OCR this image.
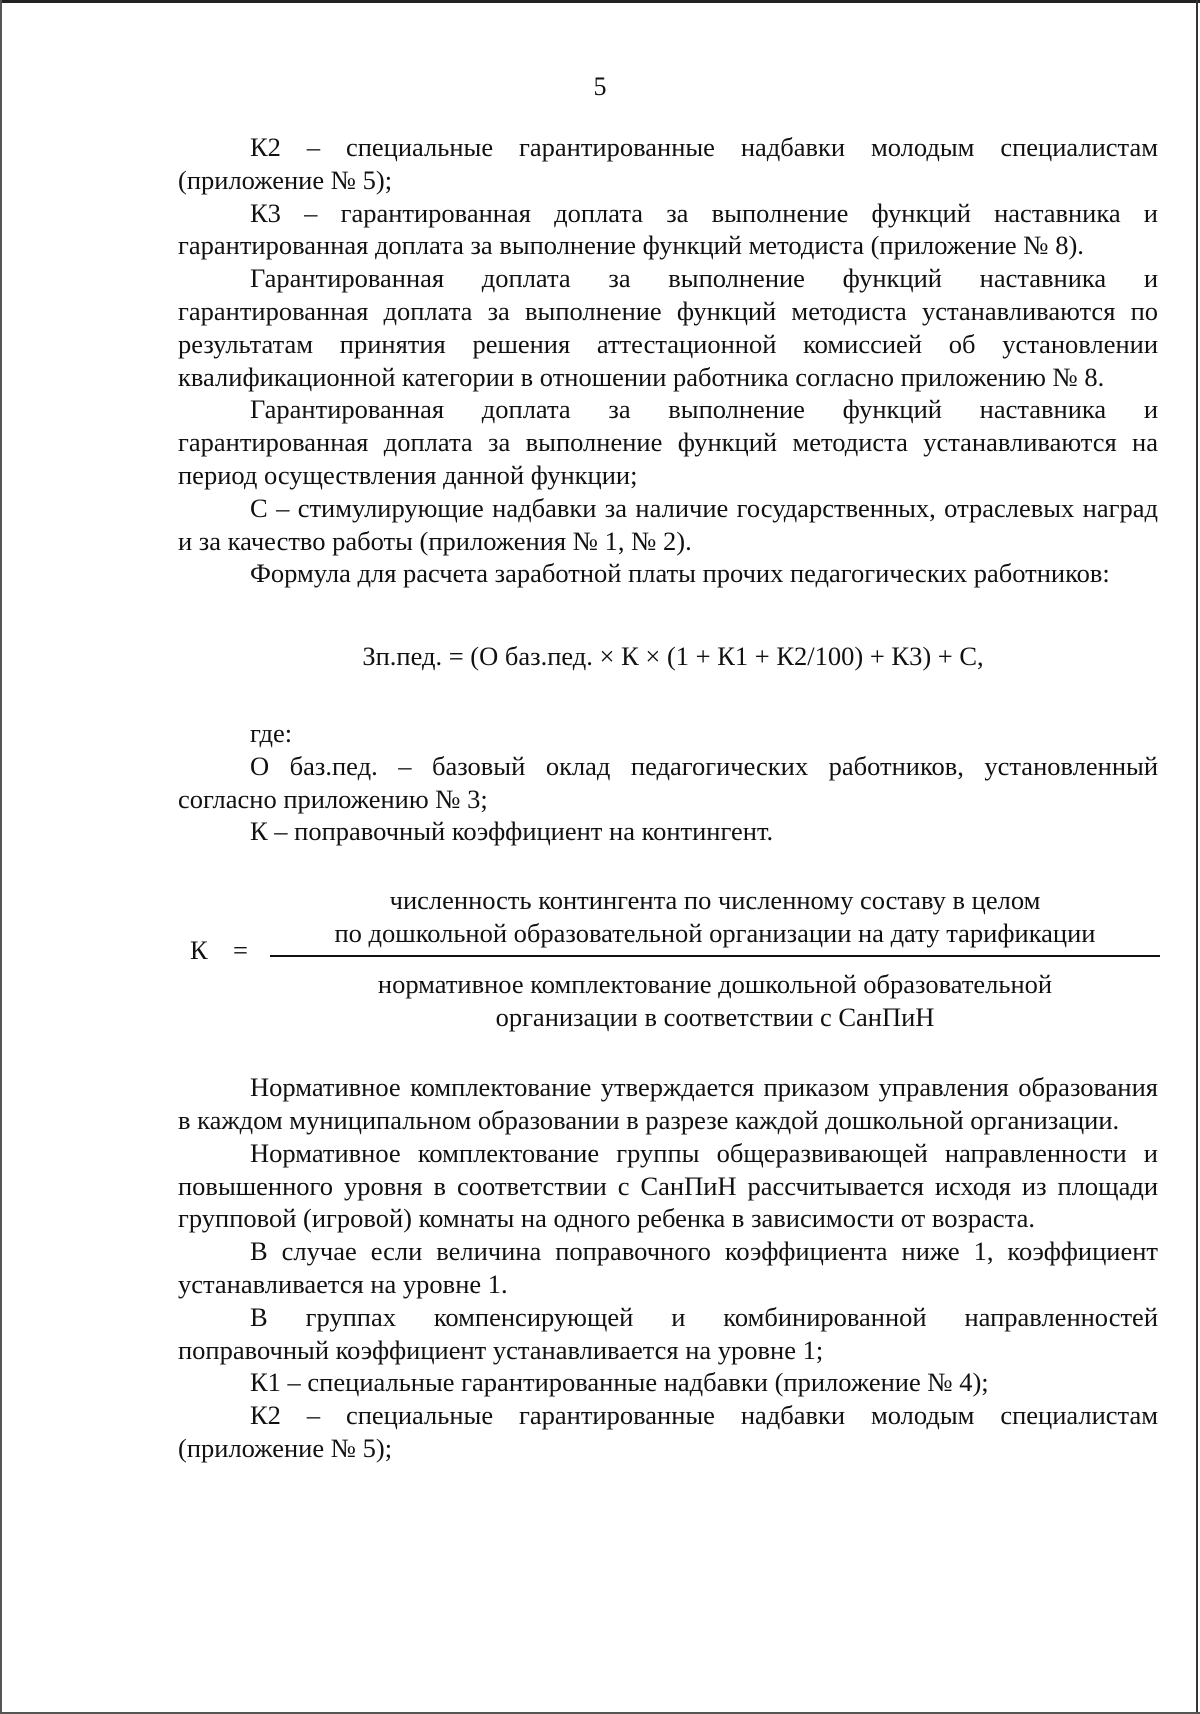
5

К2 – специальные гарантированные надбавки молодым специалистам (приложение № 5);

К3 – гарантированная доплата за выполнение функций наставника и гарантированная доплата за выполнение функций методиста (приложение № 8).

Гарантированная доплата за выполнение функций наставника и гарантированная доплата за выполнение функций методиста устанавливаются по результатам принятия решения аттестационной комиссией об установлении квалификационной категории в отношении работника согласно приложению № 8.

Гарантированная доплата за выполнение функций наставника и гарантированная доплата за выполнение функций методиста устанавливаются на период осуществления данной функции;

С – стимулирующие надбавки за наличие государственных, отраслевых наград и за качество работы (приложения № 1, № 2).

Формула для расчета заработной платы прочих педагогических работников:

Зп.пед. = (О баз.пед. × К × (1 + К1 + К2/100) + К3) + С,

где:

О баз.пед. – базовый оклад педагогических работников, установленный согласно приложению № 3;

К – поправочный коэффициент на контингент.

К =
численность контингента по численному составу в целом
по дошкольной образовательной организации на дату тарификации
нормативное комплектование дошкольной образовательной
организации в соответствии с СанПиН

Нормативное комплектование утверждается приказом управления образования в каждом муниципальном образовании в разрезе каждой дошкольной организации.

Нормативное комплектование группы общеразвивающей направленности и повышенного уровня в соответствии с СанПиН рассчитывается исходя из площади групповой (игровой) комнаты на одного ребенка в зависимости от возраста.

В случае если величина поправочного коэффициента ниже 1, коэффициент устанавливается на уровне 1.

В группах компенсирующей и комбинированной направленностей поправочный коэффициент устанавливается на уровне 1;

К1 – специальные гарантированные надбавки (приложение № 4);

К2 – специальные гарантированные надбавки молодым специалистам (приложение № 5);
